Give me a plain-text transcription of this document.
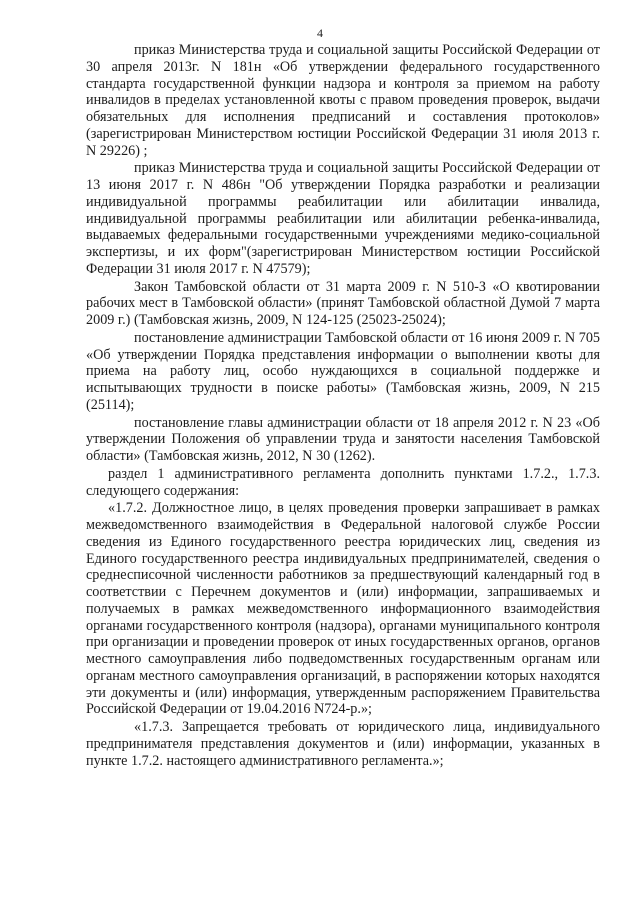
4

приказ Министерства труда и социальной защиты Российской Федерации от 30 апреля 2013г. N 181н «Об утверждении федерального государственного стандарта государственной функции надзора и контроля за приемом на работу инвалидов в пределах установленной квоты с правом проведения проверок, выдачи обязательных для исполнения предписаний и составления протоколов» (зарегистрирован Министерством юстиции Российской Федерации 31 июля 2013 г. N 29226) ;

приказ Министерства труда и социальной защиты Российской Федерации от 13 июня 2017 г. N 486н "Об утверждении Порядка разработки и реализации индивидуальной программы реабилитации или абилитации инвалида, индивидуальной программы реабилитации или абилитации ребенка-инвалида, выдаваемых федеральными государственными учреждениями медико-социальной экспертизы, и их форм"(зарегистрирован Министерством юстиции Российской Федерации 31 июля 2017 г. N 47579);

Закон Тамбовской области от 31 марта 2009 г. N 510-З «О квотировании рабочих мест в Тамбовской области» (принят Тамбовской областной Думой 7 марта 2009 г.) (Тамбовская жизнь, 2009, N 124-125 (25023-25024);

постановление администрации Тамбовской области от 16 июня 2009 г. N 705 «Об утверждении Порядка представления информации о выполнении квоты для приема на работу лиц, особо нуждающихся в социальной поддержке и испытывающих трудности в поиске работы» (Тамбовская жизнь, 2009, N 215 (25114);

постановление главы администрации области от 18 апреля 2012 г. N 23 «Об утверждении Положения об управлении труда и занятости населения Тамбовской области» (Тамбовская жизнь, 2012, N 30 (1262).

раздел 1 административного регламента дополнить пунктами 1.7.2., 1.7.3. следующего содержания:

«1.7.2. Должностное лицо, в целях проведения проверки запрашивает в рамках межведомственного взаимодействия в Федеральной налоговой службе России сведения из Единого государственного реестра юридических лиц, сведения из Единого государственного реестра индивидуальных предпринимателей, сведения о среднесписочной численности работников за предшествующий календарный год в соответствии с Перечнем документов и (или) информации, запрашиваемых и получаемых в рамках межведомственного информационного взаимодействия органами государственного контроля (надзора), органами муниципального контроля при организации и проведении проверок от иных государственных органов, органов местного самоуправления либо подведомственных государственным органам или органам местного самоуправления организаций, в распоряжении которых находятся эти документы и (или) информация, утвержденным распоряжением Правительства Российской Федерации от 19.04.2016 N724-р.»;

«1.7.3. Запрещается требовать от юридического лица, индивидуального предпринимателя представления документов и (или) информации, указанных в пункте 1.7.2. настоящего административного регламента.»;
